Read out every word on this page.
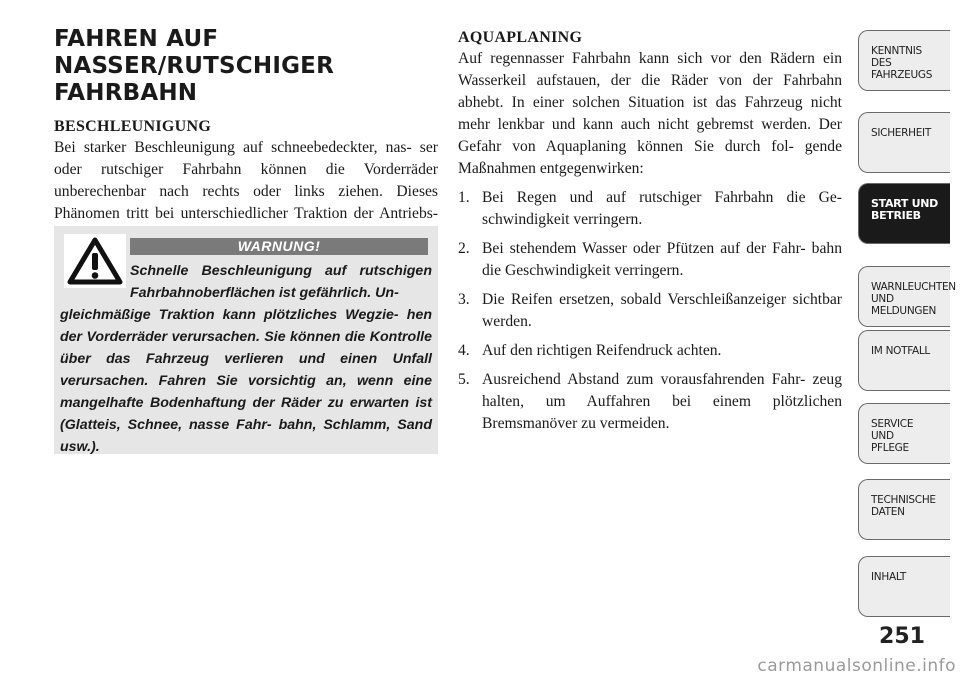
FAHREN AUF NASSER/RUTSCHIGER FAHRBAHN
BESCHLEUNIGUNG

Bei starker Beschleunigung auf schneebedeckter, nas- ser oder rutschiger Fahrbahn können die Vorderräder unberechenbar nach rechts oder links ziehen. Dieses Phänomen tritt bei unterschiedlicher Traktion der Antriebs-

WARNUNG!
Schnelle Beschleunigung auf rutschigen Fahrbahnoberflächen ist gefährlich. Un-
gleichmäßige Traktion kann plötzliches Wegzie- hen der Vorderräder verursachen. Sie können die Kontrolle über das Fahrzeug verlieren und einen Unfall verursachen. Fahren Sie vorsichtig an, wenn eine mangelhafte Bodenhaftung der Räder zu erwarten ist (Glatteis, Schnee, nasse Fahr- bahn, Schlamm, Sand usw.).
AQUAPLANING

Auf regennasser Fahrbahn kann sich vor den Rädern ein Wasserkeil aufstauen, der die Räder von der Fahrbahn abhebt. In einer solchen Situation ist das Fahrzeug nicht mehr lenkbar und kann auch nicht gebremst werden. Der Gefahr von Aquaplaning können Sie durch fol- gende Maßnahmen entgegenwirken:

1. Bei Regen und auf rutschiger Fahrbahn die Ge- schwindigkeit verringern.
2. Bei stehendem Wasser oder Pfützen auf der Fahr- bahn die Geschwindigkeit verringern.
3. Die Reifen ersetzen, sobald Verschleißanzeiger sichtbar werden.
4. Auf den richtigen Reifendruck achten.
5. Ausreichend Abstand zum vorausfahrenden Fahr- zeug halten, um Auffahren bei einem plötzlichen Bremsmanöver zu vermeiden.
KENNTNIS
DES
FAHRZEUGS
SICHERHEIT
START UND
BETRIEB
WARNLEUCHTEN
UND
MELDUNGEN
IM NOTFALL
SERVICE
UND
PFLEGE
TECHNISCHE
DATEN
INHALT
251
carmanualsonline.info
